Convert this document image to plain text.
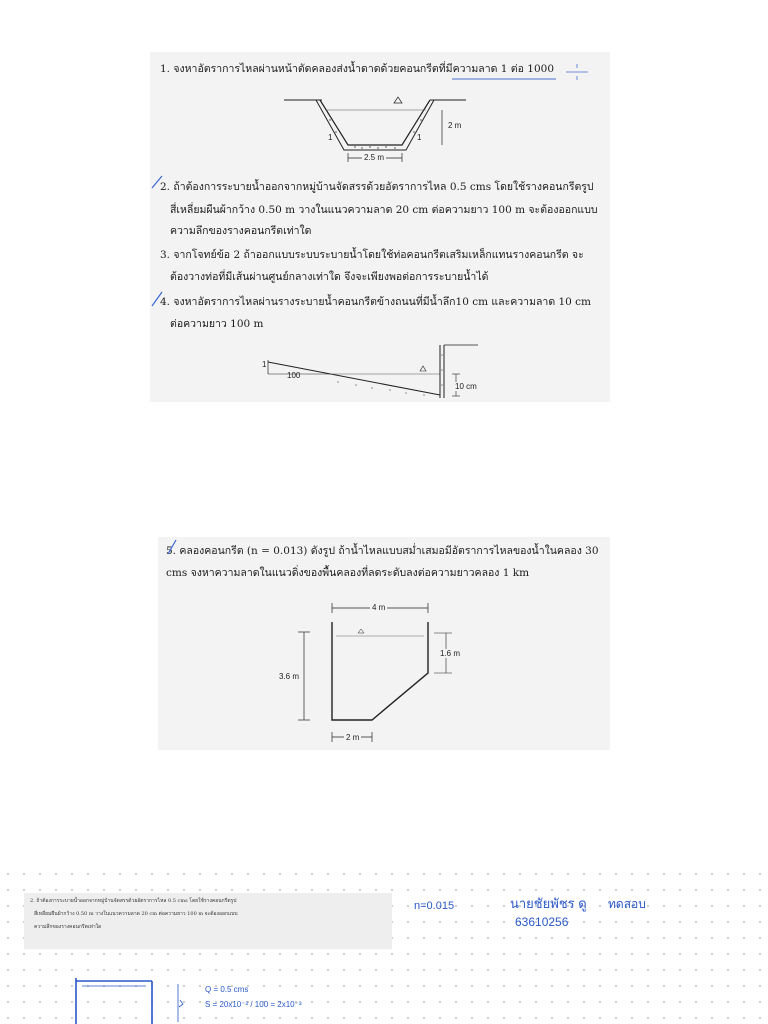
1. จงหาอัตราการไหลผ่านหน้าตัดคลองส่งน้ำดาดด้วยคอนกรีตที่มีความลาด 1 ต่อ 1000
2 m
2.5 m
1	1
2. ถ้าต้องการระบายน้ำออกจากหมู่บ้านจัดสรรด้วยอัตราการไหล 0.5 cms โดยใช้รางคอนกรีตรูป
สี่เหลี่ยมผืนผ้ากว้าง 0.50 m วางในแนวความลาด 20 cm ต่อความยาว 100 m จะต้องออกแบบ
ความลึกของรางคอนกรีตเท่าใด
3. จากโจทย์ข้อ 2 ถ้าออกแบบระบบระบายน้ำโดยใช้ท่อคอนกรีตเสริมเหล็กแทนรางคอนกรีต จะ
ต้องวางท่อที่มีเส้นผ่านศูนย์กลางเท่าใด จึงจะเพียงพอต่อการระบายน้ำได้
4. จงหาอัตราการไหลผ่านรางระบายน้ำคอนกรีตข้างถนนที่มีน้ำลึก10 cm และความลาด 10 cm
ต่อความยาว 100 m
1
100
10 cm
5. คลองคอนกรีต (n = 0.013) ดังรูป ถ้าน้ำไหลแบบสม่ำเสมอมีอัตราการไหลของน้ำในคลอง 30
cms จงหาความลาดในแนวดิ่งของพื้นคลองที่ลดระดับลงต่อความยาวคลอง 1 km
4 m
3.6 m
1.6 m
2 m
2. ถ้าต้องการระบายน้ำออกจากหมู่บ้านจัดสรรด้วยอัตราการไหล 0.5 cms โดยใช้รางคอนกรีตรูป
สี่เหลี่ยมผืนผ้ากว้าง 0.50 m วางในแนวความลาด 20 cm ต่อความยาว 100 m จะต้องออกแบบ
ความลึกของรางคอนกรีตเท่าใด
n=0.015	นายชัยพัชร ดู
63610256
ทดสอบ
Q = 0.5 cms
S = 20x10⁻² / 100 = 2x10⁻³
